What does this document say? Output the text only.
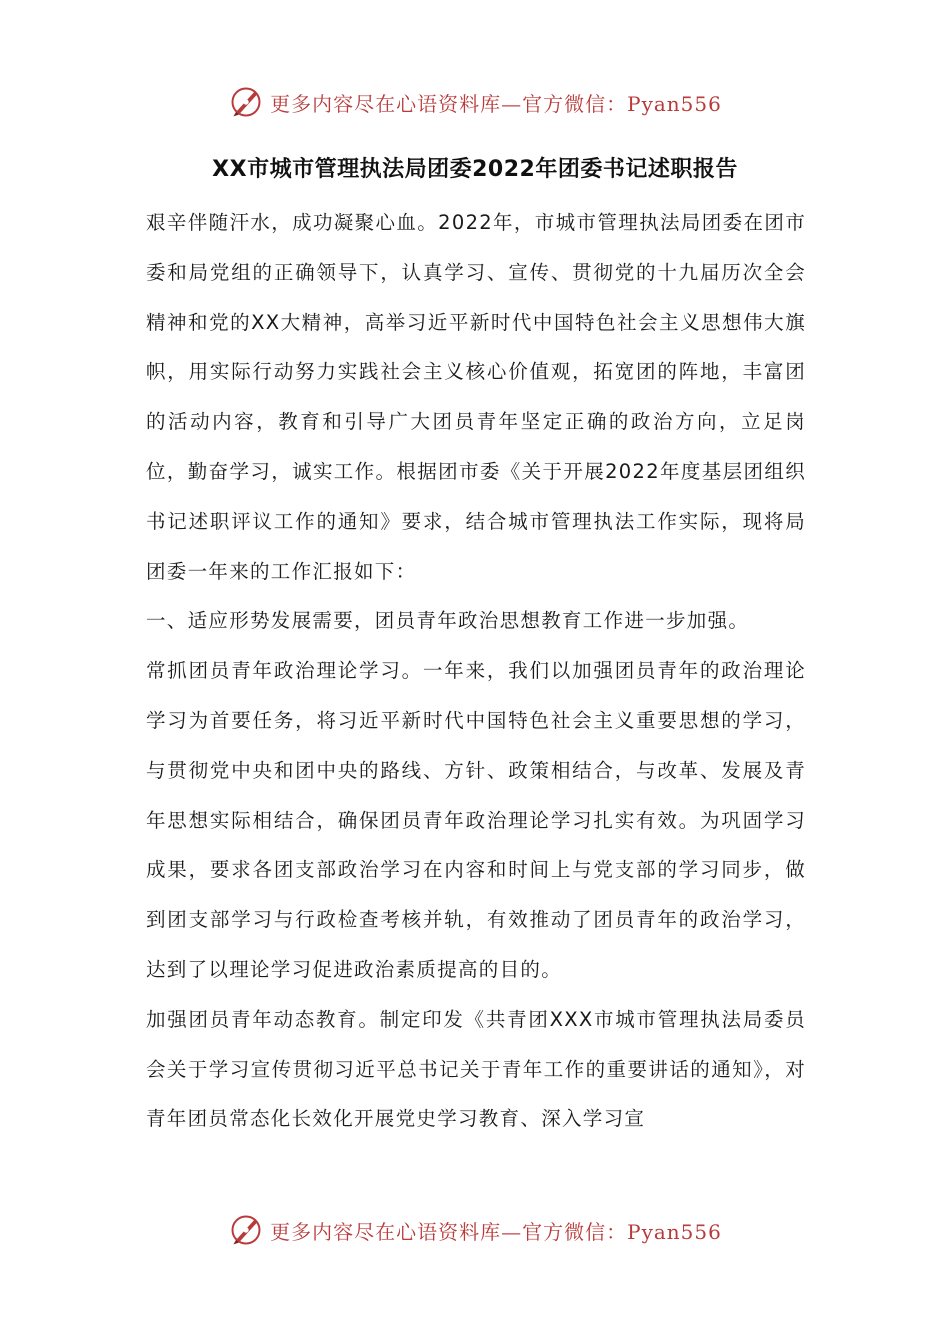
更多内容尽在心语资料库—官方微信：Pyan556
XX市城市管理执法局团委2022年团委书记述职报告

艰辛伴随汗水，成功凝聚心血。2022年，市城市管理执法局团委在团市委和局党组的正确领导下，认真学习、宣传、贯彻党的十九届历次全会精神和党的XX大精神，高举习近平新时代中国特色社会主义思想伟大旗帜，用实际行动努力实践社会主义核心价值观，拓宽团的阵地，丰富团的活动内容，教育和引导广大团员青年坚定正确的政治方向，立足岗位，勤奋学习，诚实工作。根据团市委《关于开展2022年度基层团组织书记述职评议工作的通知》要求，结合城市管理执法工作实际，现将局团委一年来的工作汇报如下：

一、适应形势发展需要，团员青年政治思想教育工作进一步加强。

常抓团员青年政治理论学习。一年来，我们以加强团员青年的政治理论学习为首要任务，将习近平新时代中国特色社会主义重要思想的学习，与贯彻党中央和团中央的路线、方针、政策相结合，与改革、发展及青年思想实际相结合，确保团员青年政治理论学习扎实有效。为巩固学习成果，要求各团支部政治学习在内容和时间上与党支部的学习同步，做到团支部学习与行政检查考核并轨，有效推动了团员青年的政治学习，达到了以理论学习促进政治素质提高的目的。

加强团员青年动态教育。制定印发《共青团XXX市城市管理执法局委员会关于学习宣传贯彻习近平总书记关于青年工作的重要讲话的通知》，对青年团员常态化长效化开展党史学习教育、深入学习宣

更多内容尽在心语资料库—官方微信：Pyan556
